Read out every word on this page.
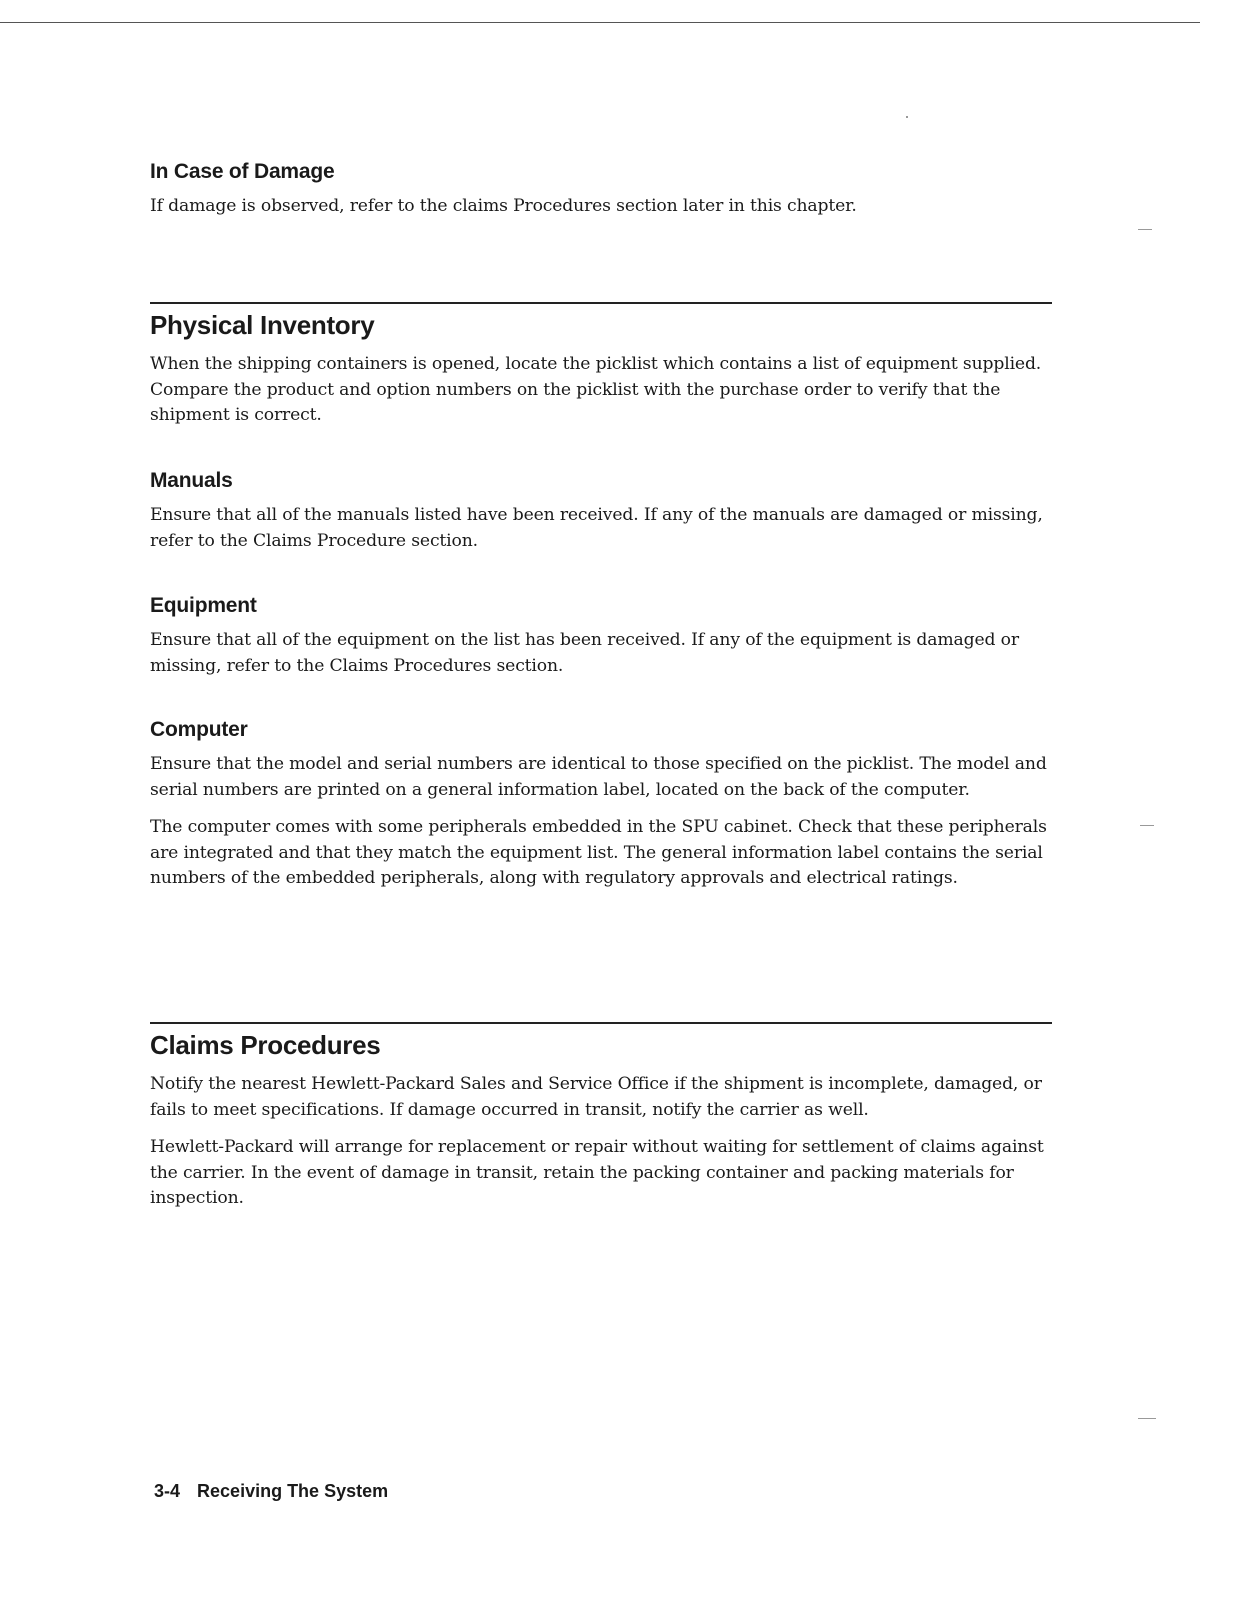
In Case of Damage

If damage is observed, refer to the claims Procedures section later in this chapter.

Physical Inventory

When the shipping containers is opened, locate the picklist which contains a list of equipment supplied. Compare the product and option numbers on the picklist with the purchase order to verify that the shipment is correct.

Manuals

Ensure that all of the manuals listed have been received. If any of the manuals are damaged or missing, refer to the Claims Procedure section.

Equipment

Ensure that all of the equipment on the list has been received. If any of the equipment is damaged or missing, refer to the Claims Procedures section.

Computer

Ensure that the model and serial numbers are identical to those specified on the picklist. The model and serial numbers are printed on a general information label, located on the back of the computer.

The computer comes with some peripherals embedded in the SPU cabinet. Check that these peripherals are integrated and that they match the equipment list. The general information label contains the serial numbers of the embedded peripherals, along with regulatory approvals and electrical ratings.

Claims Procedures

Notify the nearest Hewlett-Packard Sales and Service Office if the shipment is incomplete, damaged, or fails to meet specifications. If damage occurred in transit, notify the carrier as well.

Hewlett-Packard will arrange for replacement or repair without waiting for settlement of claims against the carrier. In the event of damage in transit, retain the packing container and packing materials for inspection.

3-4 Receiving The System
